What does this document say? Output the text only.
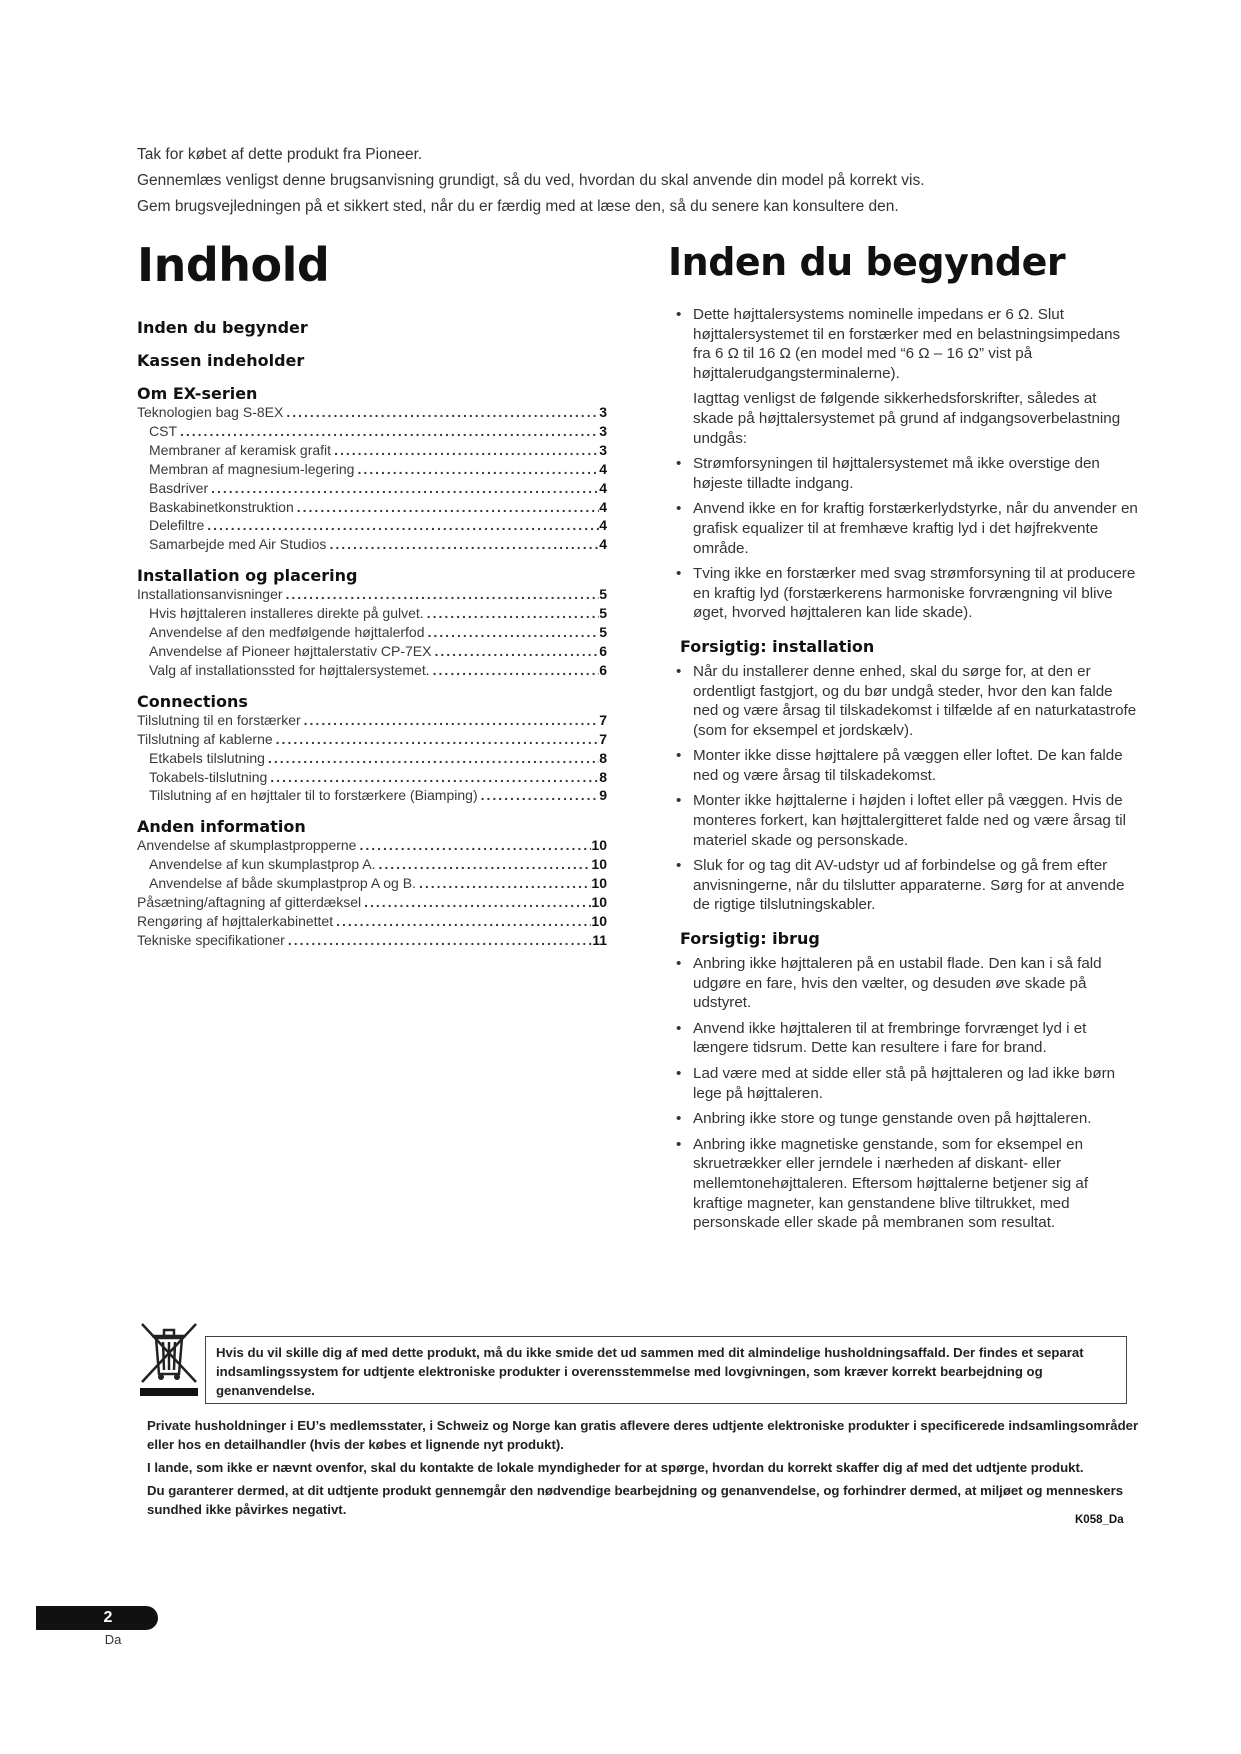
Tak for købet af dette produkt fra Pioneer.

Gennemlæs venligst denne brugsanvisning grundigt, så du ved, hvordan du skal anvende din model på korrekt vis.

Gem brugsvejledningen på et sikkert sted, når du er færdig med at læse den, så du senere kan konsultere den.

Indhold	Inden du begynder
Inden du begynder
Kassen indeholder
Om EX-serien
Teknologien bag S-8EX .....	3
CST .....	3
Membraner af keramisk grafit .....	3
Membran af magnesium-legering .....	4
Basdriver .....	4
Baskabinetkonstruktion .....	4
Delefiltre .....	4
Samarbejde med Air Studios .....	4
Installation og placering
Installationsanvisninger .....	5
Hvis højttaleren installeres direkte på gulvet. .....	5
Anvendelse af den medfølgende højttalerfod .....	5
Anvendelse af Pioneer højttalerstativ CP-7EX .....	6
Valg af installationssted for højttalersystemet. .....	6
Connections
Tilslutning til en forstærker .....	7
Tilslutning af kablerne .....	7
Etkabels tilslutning .....	8
Tokabels-tilslutning .....	8
Tilslutning af en højttaler til to forstærkere (Biamping) .....	9
Anden information
Anvendelse af skumplastpropperne .....	10
Anvendelse af kun skumplastprop A. .....	10
Anvendelse af både skumplastprop A og B. .....	10
Påsætning/aftagning af gitterdæksel .....	10
Rengøring af højttalerkabinettet .....	10
Tekniske specifikationer .....	11
• Dette højttalersystems nominelle impedans er 6 Ω. Slut højttalersystemet til en forstærker med en belastningsimpedans fra 6 Ω til 16 Ω (en model med “6 Ω – 16 Ω” vist på højttalerudgangsterminalerne).

Iagttag venligst de følgende sikkerhedsforskrifter, således at skade på højttalersystemet på grund af indgangsoverbelastning undgås:

• Strømforsyningen til højttalersystemet må ikke overstige den højeste tilladte indgang.
• Anvend ikke en for kraftig forstærkerlydstyrke, når du anvender en grafisk equalizer til at fremhæve kraftig lyd i det højfrekvente område.
• Tving ikke en forstærker med svag strømforsyning til at producere en kraftig lyd (forstærkerens harmoniske forvrængning vil blive øget, hvorved højttaleren kan lide skade).
Forsigtig: installation
• Når du installerer denne enhed, skal du sørge for, at den er ordentligt fastgjort, og du bør undgå steder, hvor den kan falde ned og være årsag til tilskadekomst i tilfælde af en naturkatastrofe (som for eksempel et jordskælv).
• Monter ikke disse højttalere på væggen eller loftet. De kan falde ned og være årsag til tilskadekomst.
• Monter ikke højttalerne i højden i loftet eller på væggen. Hvis de monteres forkert, kan højttalergitteret falde ned og være årsag til materiel skade og personskade.
• Sluk for og tag dit AV-udstyr ud af forbindelse og gå frem efter anvisningerne, når du tilslutter apparaterne. Sørg for at anvende de rigtige tilslutningskabler.
Forsigtig: ibrug
• Anbring ikke højttaleren på en ustabil flade. Den kan i så fald udgøre en fare, hvis den vælter, og desuden øve skade på udstyret.
• Anvend ikke højttaleren til at frembringe forvrænget lyd i et længere tidsrum. Dette kan resultere i fare for brand.
• Lad være med at sidde eller stå på højttaleren og lad ikke børn lege på højttaleren.
• Anbring ikke store og tunge genstande oven på højttaleren.
• Anbring ikke magnetiske genstande, som for eksempel en skruetrækker eller jerndele i nærheden af diskant- eller mellemtonehøjttaleren. Eftersom højttalerne betjener sig af kraftige magneter, kan genstandene blive tiltrukket, med personskade eller skade på membranen som resultat.
Hvis du vil skille dig af med dette produkt, må du ikke smide det ud sammen med dit almindelige husholdningsaffald. Der findes et separat indsamlingssystem for udtjente elektroniske produkter i overensstemmelse med lovgivningen, som kræver korrekt bearbejdning og genanvendelse.

Private husholdninger i EU’s medlemsstater, i Schweiz og Norge kan gratis aflevere deres udtjente elektroniske produkter i specificerede indsamlingsområder eller hos en detailhandler (hvis der købes et lignende nyt produkt).

I lande, som ikke er nævnt ovenfor, skal du kontakte de lokale myndigheder for at spørge, hvordan du korrekt skaffer dig af med det udtjente produkt.

Du garanterer dermed, at dit udtjente produkt gennemgår den nødvendige bearbejdning og genanvendelse, og forhindrer dermed, at miljøet og menneskers sundhed ikke påvirkes negativt.

K058_Da
2
Da
